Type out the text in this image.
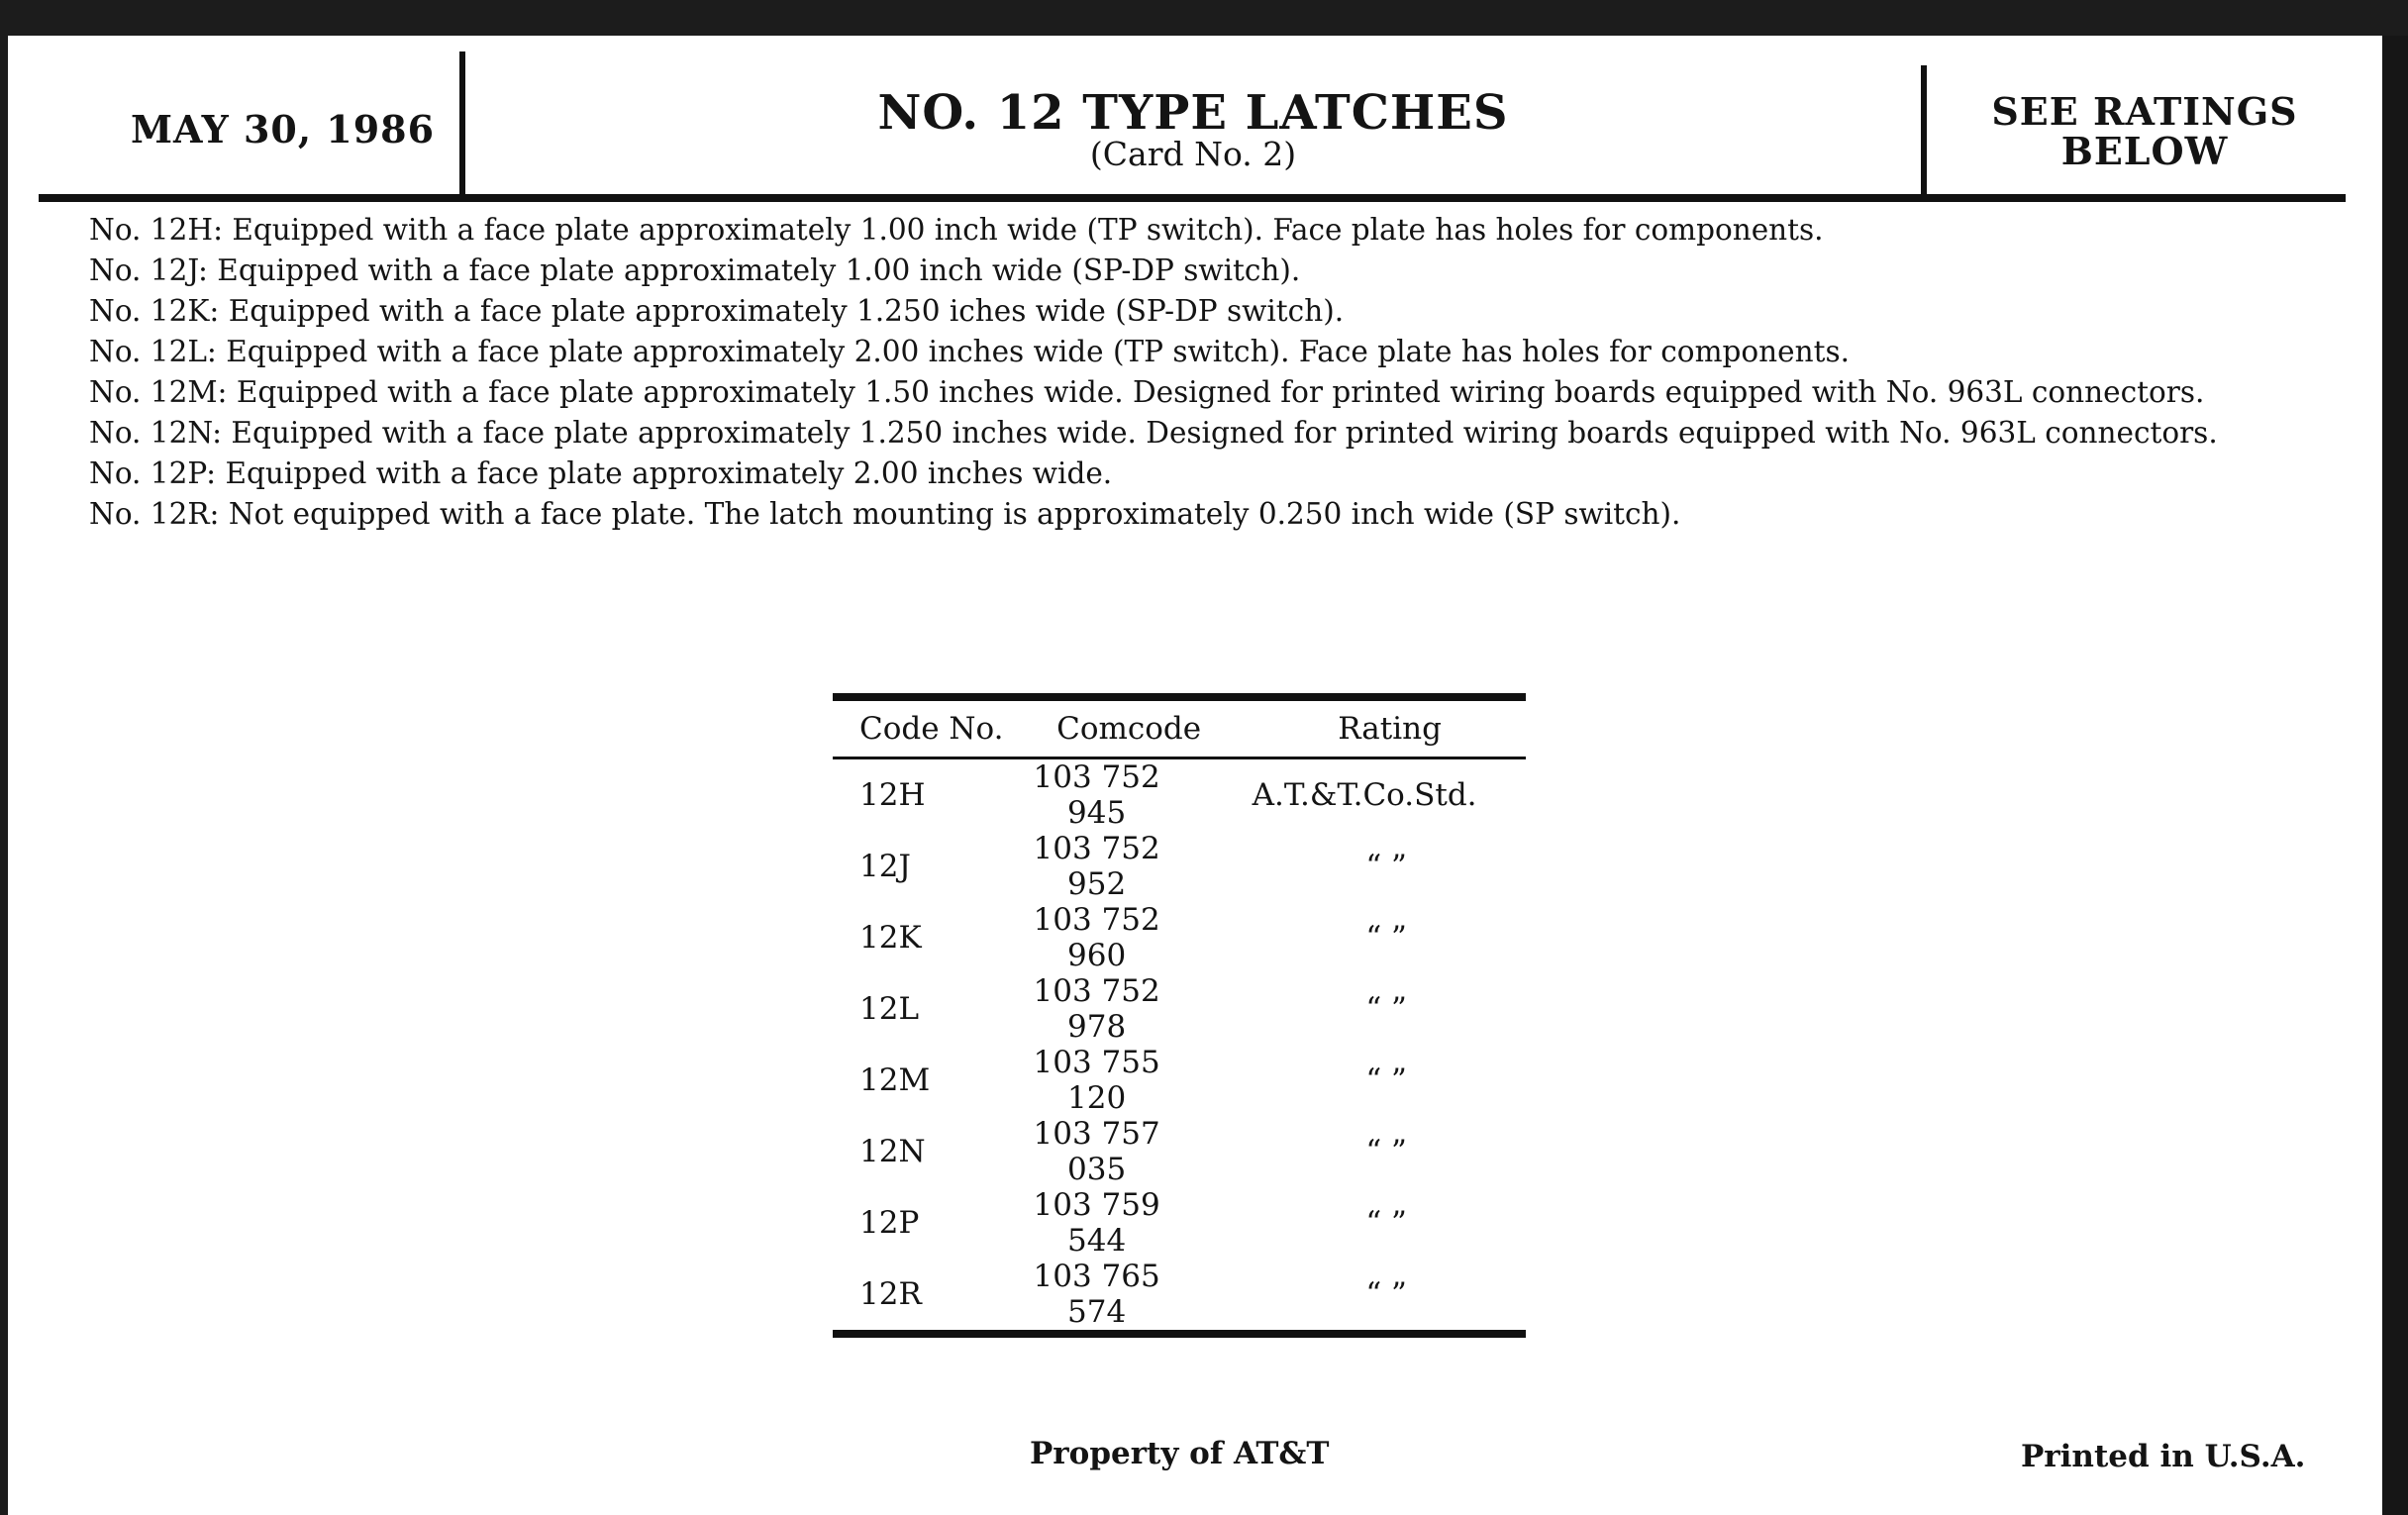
MAY 30, 1986	NO. 12 TYPE LATCHES
(Card No. 2)
SEE RATINGS
BELOW
No. 12H: Equipped with a face plate approximately 1.00 inch wide (TP switch). Face plate has holes for components.
No. 12J: Equipped with a face plate approximately 1.00 inch wide (SP-DP switch).
No. 12K: Equipped with a face plate approximately 1.250 iches wide (SP-DP switch).
No. 12L: Equipped with a face plate approximately 2.00 inches wide (TP switch). Face plate has holes for components.
No. 12M: Equipped with a face plate approximately 1.50 inches wide. Designed for printed wiring boards equipped with No. 963L connectors.
No. 12N: Equipped with a face plate approximately 1.250 inches wide. Designed for printed wiring boards equipped with No. 963L connectors.
No. 12P: Equipped with a face plate approximately 2.00 inches wide.
No. 12R: Not equipped with a face plate. The latch mounting is approximately 0.250 inch wide (SP switch).
Code No.	Comcode	Rating
12H	103 752 945	A.T.&T.Co.Std.
12J	103 752 952	“ ”
12K	103 752 960	“ ”
12L	103 752 978	“ ”
12M	103 755 120	“ ”
12N	103 757 035	“ ”
12P	103 759 544	“ ”
12R	103 765 574	“ ”
Property of AT&T	Printed in U.S.A.
